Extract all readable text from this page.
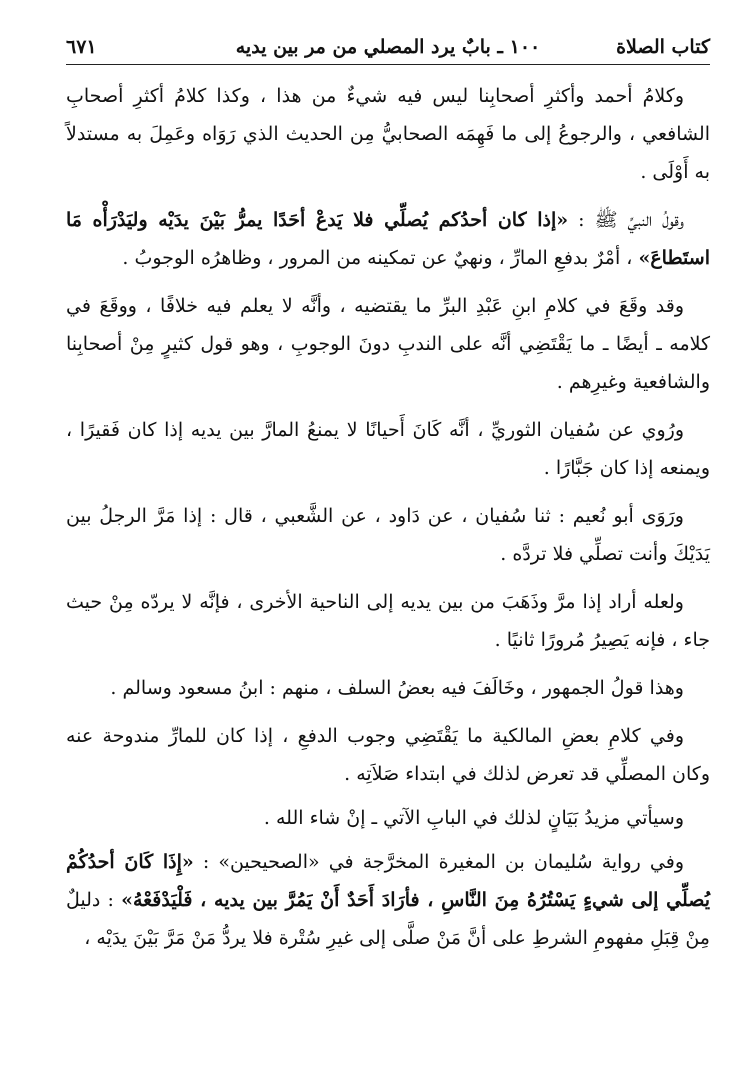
كتاب الصلاة
١٠٠ ـ بابٌ يرد المصلي من مر بين يديه
٦٧١

وكلامُ أحمد وأكثرِ أصحابِنا ليس فيه شيءٌ من هذا ، وكذا كلامُ أكثرِ أصحابِ الشافعي ، والرجوعُ إلى ما فَهِمَه الصحابيُّ مِن الحديث الذي رَوَاه وعَمِلَ به مستدلاً به أَوْلَى .

وقولُ النبيِّ ﷺ : «إذا كان أحدُكم يُصلِّي فلا يَدعْ أحَدًا يمرُّ بَيْنَ يدَيْه وليَدْرَأْه مَا استَطاعَ» ، أمْرٌ بدفعِ المارِّ ، ونهيٌ عن تمكينه من المرور ، وظاهرُه الوجوبُ .

وقد وقَعَ في كلامِ ابنِ عَبْدِ البرِّ ما يقتضيه ، وأنَّه لا يعلم فيه خلافًا ، ووقَعَ في كلامه ـ أيضًا ـ ما يَقْتَضِي أنَّه على الندبِ دونَ الوجوبِ ، وهو قول كثيرٍ مِنْ أصحابِنا والشافعية وغيرِهم .

ورُوي عن سُفيان الثوريِّ ، أنَّه كَانَ أَحيانًا لا يمنعُ المارَّ بين يديه إذا كان فَقيرًا ، ويمنعه إذا كان جَبَّارًا .

ورَوَى أبو نُعيم : ثنا سُفيان ، عن دَاود ، عن الشَّعبي ، قال : إذا مَرَّ الرجلُ بين يَدَيْكَ وأنت تصلِّي فلا تردَّه .

ولعله أراد إذا مرَّ وذَهَبَ من بين يديه إلى الناحية الأخرى ، فإنَّه لا يردّه مِنْ حيث جاء ، فإنه يَصِيرُ مُرورًا ثانيًا .

وهذا قولُ الجمهور ، وخَالَفَ فيه بعضُ السلف ، منهم : ابنُ مسعود وسالم .

وفي كلامِ بعضِ المالكية ما يَقْتَضِي وجوب الدفعِ ، إذا كان للمارِّ مندوحة عنه وكان المصلِّي قد تعرض لذلك في ابتداء صَلاَتِه .

وسيأتي مزيدُ بَيَانٍ لذلك في البابِ الآتي ـ إنْ شاء الله .

وفي رواية سُليمان بن المغيرة المخرَّجة في «الصحيحين» : «إِذَا كَانَ أحدُكُمْ يُصلِّي إلى شيءٍ يَسْتُرُهُ مِنَ النَّاسِ ، فأرَادَ أَحَدٌ أَنْ يَمُرَّ بين يديه ، فَلْيَدْفَعْهُ» : دليلٌ مِنْ قِبَلِ مفهومِ الشرطِ على أنَّ مَنْ صلَّى إلى غيرِ سُتْرة فلا يردُّ مَنْ مَرَّ بَيْنَ يدَيْه ،
